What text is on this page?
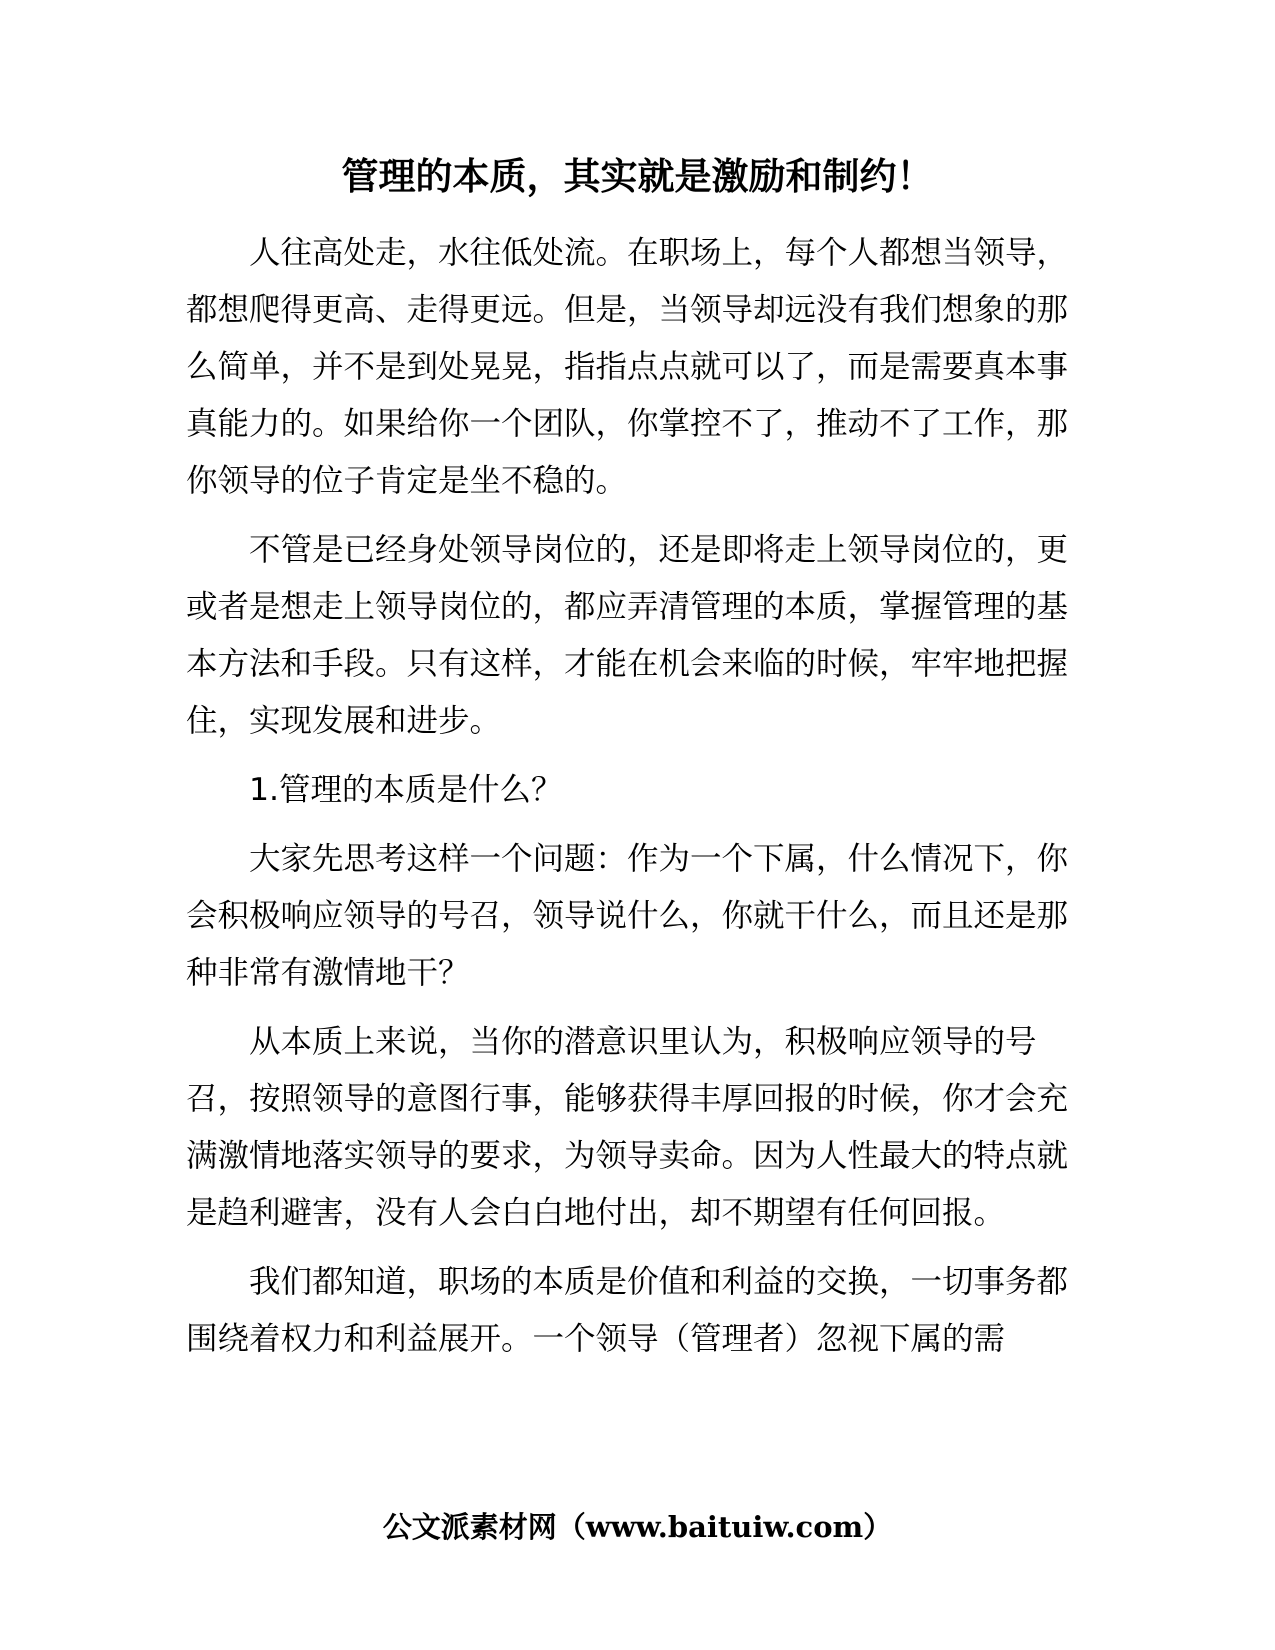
管理的本质，其实就是激励和制约！

人往高处走，水往低处流。在职场上，每个人都想当领导，都想爬得更高、走得更远。但是，当领导却远没有我们想象的那么简单，并不是到处晃晃，指指点点就可以了，而是需要真本事真能力的。如果给你一个团队，你掌控不了，推动不了工作，那你领导的位子肯定是坐不稳的。

不管是已经身处领导岗位的，还是即将走上领导岗位的，更或者是想走上领导岗位的，都应弄清管理的本质，掌握管理的基本方法和手段。只有这样，才能在机会来临的时候，牢牢地把握住，实现发展和进步。

1.管理的本质是什么？

大家先思考这样一个问题：作为一个下属，什么情况下，你会积极响应领导的号召，领导说什么，你就干什么，而且还是那种非常有激情地干？

从本质上来说，当你的潜意识里认为，积极响应领导的号召，按照领导的意图行事，能够获得丰厚回报的时候，你才会充满激情地落实领导的要求，为领导卖命。因为人性最大的特点就是趋利避害，没有人会白白地付出，却不期望有任何回报。

我们都知道，职场的本质是价值和利益的交换，一切事务都围绕着权力和利益展开。一个领导（管理者）忽视下属的需

公文派素材网（www.baituiw.com）
